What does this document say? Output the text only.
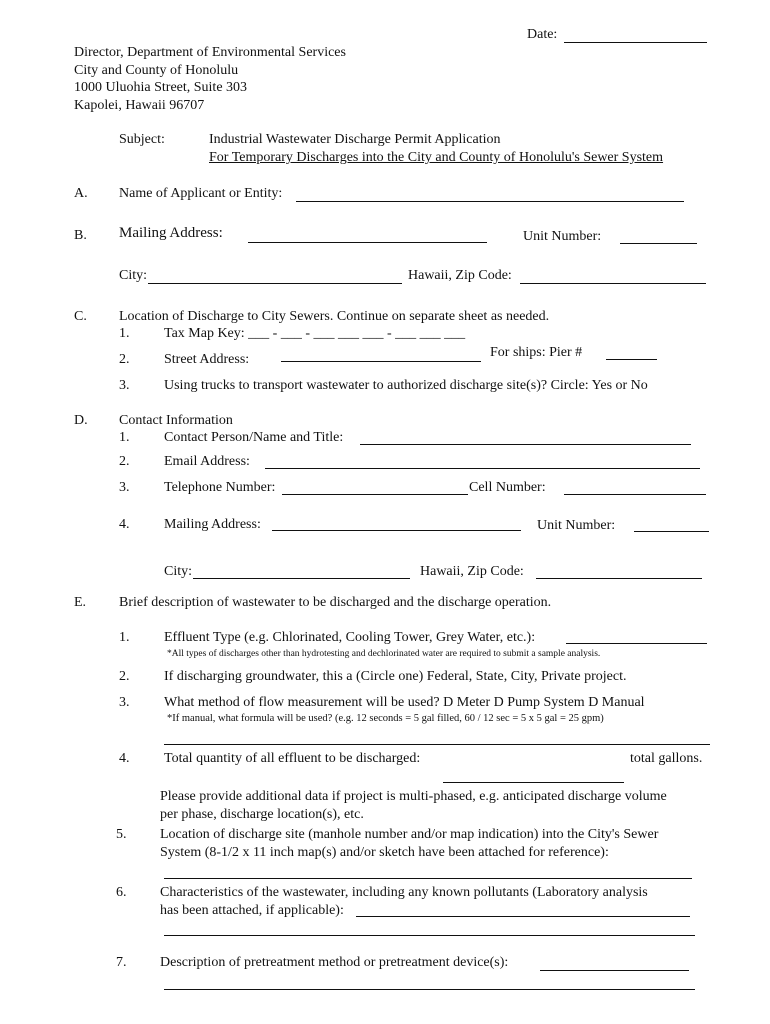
Date:
Director, Department of Environmental Services
City and County of Honolulu
1000 Uluohia Street, Suite 303
Kapolei, Hawaii 96707
Subject:	Industrial Wastewater Discharge Permit Application
For Temporary Discharges into the City and County of Honolulu's Sewer System
A. Name of Applicant or Entity:
B. Mailing Address:	Unit Number:
City:	Hawaii, Zip Code:
C. Location of Discharge to City Sewers. Continue on separate sheet as needed.
1. Tax Map Key: ___ - ___ - ___ ___ ___ - ___ ___ ___
2. Street Address:	For ships: Pier #
3. Using trucks to transport wastewater to authorized discharge site(s)? Circle: Yes or No
D. Contact Information
1. Contact Person/Name and Title:
2. Email Address:
3. Telephone Number:	Cell Number:
4. Mailing Address:	Unit Number:
City:	Hawaii, Zip Code:
E. Brief description of wastewater to be discharged and the discharge operation.
1. Effluent Type (e.g. Chlorinated, Cooling Tower, Grey Water, etc.):
*All types of discharges other than hydrotesting and dechlorinated water are required to submit a sample analysis.
2. If discharging groundwater, this a (Circle one) Federal, State, City, Private project.
3. What method of flow measurement will be used? D Meter D Pump System D Manual
*If manual, what formula will be used? (e.g. 12 seconds = 5 gal filled, 60 / 12 sec = 5 x 5 gal = 25 gpm)
4. Total quantity of all effluent to be discharged:	total gallons.
Please provide additional data if project is multi-phased, e.g. anticipated discharge volume
per phase, discharge location(s), etc.
5. Location of discharge site (manhole number and/or map indication) into the City's Sewer
System (8-1/2 x 11 inch map(s) and/or sketch have been attached for reference):
6. Characteristics of the wastewater, including any known pollutants (Laboratory analysis
has been attached, if applicable):
7. Description of pretreatment method or pretreatment device(s):
